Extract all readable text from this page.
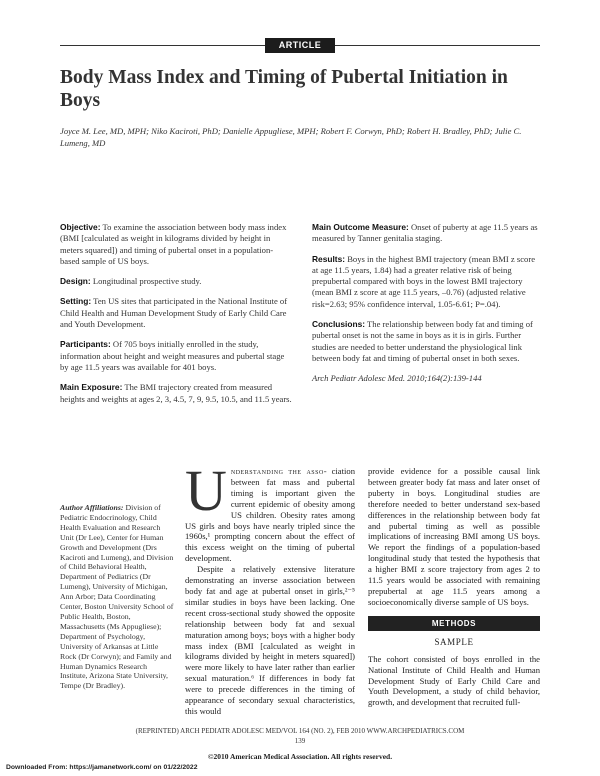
ARTICLE
Body Mass Index and Timing of Pubertal Initiation in Boys
Joyce M. Lee, MD, MPH; Niko Kaciroti, PhD; Danielle Appugliese, MPH; Robert F. Corwyn, PhD; Robert H. Bradley, PhD; Julie C. Lumeng, MD

Objective: To examine the association between body mass index (BMI [calculated as weight in kilograms divided by height in meters squared]) and timing of pubertal onset in a population-based sample of US boys.

Design: Longitudinal prospective study.

Setting: Ten US sites that participated in the National Institute of Child Health and Human Development Study of Early Child Care and Youth Development.

Participants: Of 705 boys initially enrolled in the study, information about height and weight measures and pubertal stage by age 11.5 years was available for 401 boys.

Main Exposure: The BMI trajectory created from measured heights and weights at ages 2, 3, 4.5, 7, 9, 9.5, 10.5, and 11.5 years.

Main Outcome Measure: Onset of puberty at age 11.5 years as measured by Tanner genitalia staging.

Results: Boys in the highest BMI trajectory (mean BMI z score at age 11.5 years, 1.84) had a greater relative risk of being prepubertal compared with boys in the lowest BMI trajectory (mean BMI z score at age 11.5 years, –0.76) (adjusted relative risk=2.63; 95% confidence interval, 1.05-6.61; P=.04).

Conclusions: The relationship between body fat and timing of pubertal onset is not the same in boys as it is in girls. Further studies are needed to better understand the physiological link between body fat and timing of pubertal onset in both sexes.

Arch Pediatr Adolesc Med. 2010;164(2):139-144

Author Affiliations: Division of Pediatric Endocrinology, Child Health Evaluation and Research Unit (Dr Lee), Center for Human Growth and Development (Drs Kaciroti and Lumeng), and Division of Child Behavioral Health, Department of Pediatrics (Dr Lumeng), University of Michigan, Ann Arbor; Data Coordinating Center, Boston University School of Public Health, Boston, Massachusetts (Ms Appugliese); Department of Psychology, University of Arkansas at Little Rock (Dr Corwyn); and Family and Human Dynamics Research Institute, Arizona State University, Tempe (Dr Bradley).

Understanding the asso- ciation between fat mass and pubertal timing is important given the current epidemic of obesity among US children. Obesity rates among US girls and boys have nearly tripled since the 1960s,¹ prompting concern about the effect of this excess weight on the timing of pubertal development.

Despite a relatively extensive literature demonstrating an inverse association between body fat and age at pubertal onset in girls,²⁻⁵ similar studies in boys have been lacking. One recent cross-sectional study showed the opposite relationship between body fat and sexual maturation among boys; boys with a higher body mass index (BMI [calculated as weight in kilograms divided by height in meters squared]) were more likely to have later rather than earlier sexual maturation.⁶ If differences in body fat were to precede differences in the timing of appearance of secondary sexual characteristics, this would

provide evidence for a possible causal link between greater body fat mass and later onset of puberty in boys. Longitudinal studies are therefore needed to better understand sex-based differences in the relationship between body fat and pubertal timing as well as possible implications of increasing BMI among US boys. We report the findings of a population-based longitudinal study that tested the hypothesis that a higher BMI z score trajectory from ages 2 to 11.5 years would be associated with remaining prepubertal at age 11.5 years among a socioeconomically diverse sample of US boys.

METHODS
SAMPLE

The cohort consisted of boys enrolled in the National Institute of Child Health and Human Development Study of Early Child Care and Youth Development, a study of child behavior, growth, and development that recruited full-

(REPRINTED) ARCH PEDIATR ADOLESC MED/VOL 164 (NO. 2), FEB 2010 WWW.ARCHPEDIATRICS.COM
139
©2010 American Medical Association. All rights reserved.
Downloaded From: https://jamanetwork.com/ on 01/22/2022
